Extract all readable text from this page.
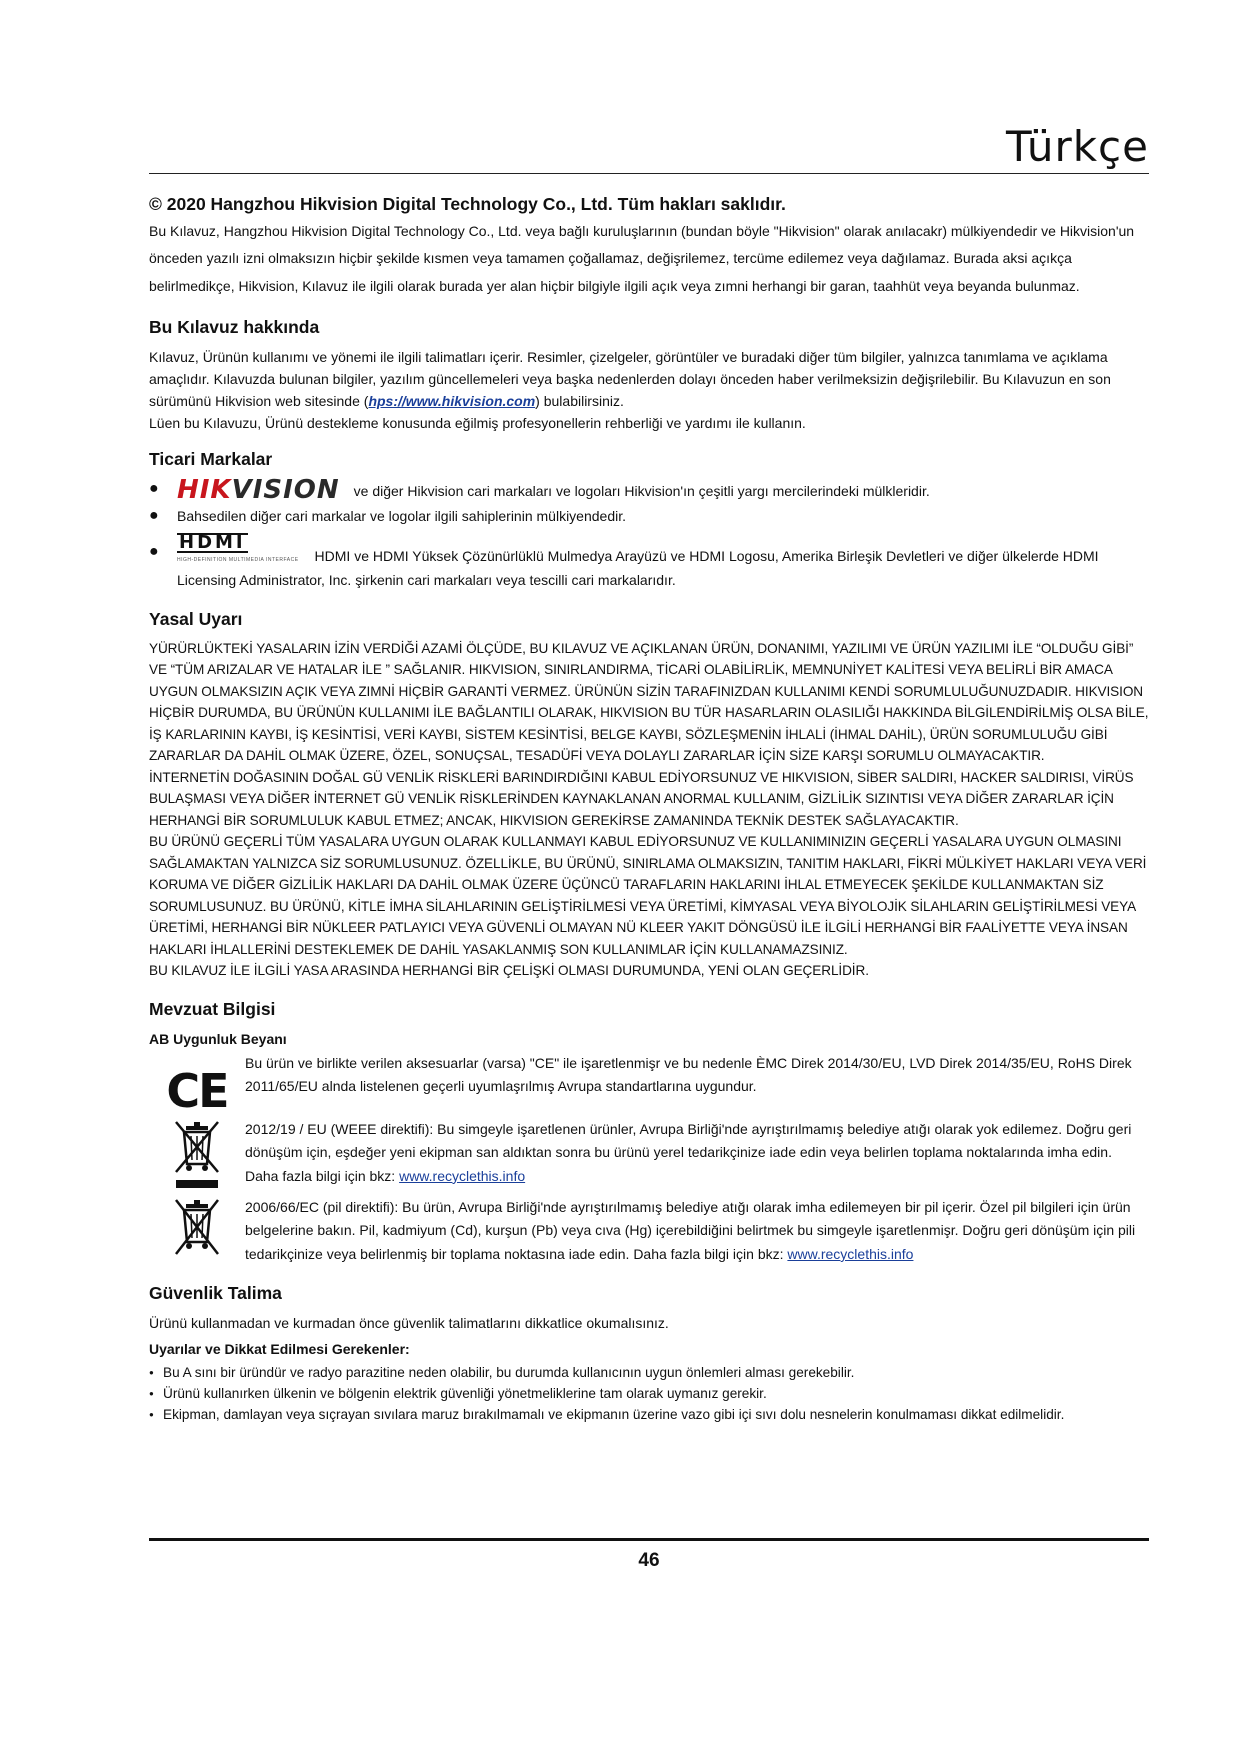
Türkçe

© 2020 Hangzhou Hikvision Digital Technology Co., Ltd. Tüm hakları saklıdır.

Bu Kılavuz, Hangzhou Hikvision Digital Technology Co., Ltd. veya bağlı kuruluşlarının (bundan böyle "Hikvision" olarak anılacakr) mülkiyendedir ve Hikvision'un önceden yazılı izni olmaksızın hiçbir şekilde kısmen veya tamamen çoğallamaz, değişrilemez, tercüme edilemez veya dağılamaz. Burada aksi açıkça belirlmedikçe, Hikvision, Kılavuz ile ilgili olarak burada yer alan hiçbir bilgiyle ilgili açık veya zımni herhangi bir garan, taahhüt veya beyanda bulunmaz.

Bu Kılavuz hakkında

Kılavuz, Ürünün kullanımı ve yönemi ile ilgili talimatları içerir. Resimler, çizelgeler, görüntüler ve buradaki diğer tüm bilgiler, yalnızca tanımlama ve açıklama amaçlıdır. Kılavuzda bulunan bilgiler, yazılım güncellemeleri veya başka nedenlerden dolayı önceden haber verilmeksizin değişrilebilir. Bu Kılavuzun en son sürümünü Hikvision web sitesinde (hps://www.hikvision.com) bulabilirsiniz.

Lüen bu Kılavuzu, Ürünü destekleme konusunda eğilmiş profesyonellerin rehberliği ve yardımı ile kullanın.

Ticari Markalar
● HIKVISION ve diğer Hikvision cari markaları ve logoları Hikvision'ın çeşitli yargı mercilerindeki mülkleridir.
●	Bahsedilen diğer cari markalar ve logolar ilgili sahiplerinin mülkiyendedir.
●	HDMI
HIGH-DEFINITION MULTIMEDIA INTERFACE HDMI ve HDMI Yüksek Çözünürlüklü Mulmedya Arayüzü ve HDMI Logosu, Amerika Birleşik Devletleri ve diğer ülkelerde HDMI Licensing Administrator, Inc. şirkenin cari markaları veya tescilli cari markalarıdır.
Yasal Uyarı

YÜRÜRLÜKTEKİ YASALARIN İZİN VERDİĞİ AZAMİ ÖLÇÜDE, BU KILAVUZ VE AÇIKLANAN ÜRÜN, DONANIMI, YAZILIMI VE ÜRÜN YAZILIMI İLE “OLDUĞU GİBİ” VE “TÜM ARIZALAR VE HATALAR İLE ” SAĞLANIR. HIKVISION, SINIRLANDIRMA, TİCARİ OLABİLİRLİK, MEMNUNİYET KALİTESİ VEYA BELİRLİ BİR AMACA UYGUN OLMAKSIZIN AÇIK VEYA ZIMNİ HİÇBİR GARANTİ VERMEZ. ÜRÜNÜN SİZİN TARAFINIZDAN KULLANIMI KENDİ SORUMLULUĞUNUZDADIR. HIKVISION HİÇBİR DURUMDA, BU ÜRÜNÜN KULLANIMI İLE BAĞLANTILI OLARAK, HIKVISION BU TÜR HASARLARIN OLASILIĞI HAKKINDA BİLGİLENDİRİLMİŞ OLSA BİLE, İŞ KARLARININ KAYBI, İŞ KESİNTİSİ, VERİ KAYBI, SİSTEM KESİNTİSİ, BELGE KAYBI, SÖZLEŞMENİN İHLALİ (İHMAL DAHİL), ÜRÜN SORUMLULUĞU GİBİ ZARARLAR DA DAHİL OLMAK ÜZERE, ÖZEL, SONUÇSAL, TESADÜFİ VEYA DOLAYLI ZARARLAR İÇİN SİZE KARŞI SORUMLU OLMAYACAKTIR.

İNTERNETİN DOĞASININ DOĞAL GÜ VENLİK RİSKLERİ BARINDIRDIĞINI KABUL EDİYORSUNUZ VE HIKVISION, SİBER SALDIRI, HACKER SALDIRISI, VİRÜS BULAŞMASI VEYA DİĞER İNTERNET GÜ VENLİK RİSKLERİNDEN KAYNAKLANAN ANORMAL KULLANIM, GİZLİLİK SIZINTISI VEYA DİĞER ZARARLAR İÇİN HERHANGİ BİR SORUMLULUK KABUL ETMEZ; ANCAK, HIKVISION GEREKİRSE ZAMANINDA TEKNİK DESTEK SAĞLAYACAKTIR.

BU ÜRÜNÜ GEÇERLİ TÜM YASALARA UYGUN OLARAK KULLANMAYI KABUL EDİYORSUNUZ VE KULLANIMINIZIN GEÇERLİ YASALARA UYGUN OLMASINI SAĞLAMAKTAN YALNIZCA SİZ SORUMLUSUNUZ. ÖZELLİKLE, BU ÜRÜNÜ, SINIRLAMA OLMAKSIZIN, TANITIM HAKLARI, FİKRİ MÜLKİYET HAKLARI VEYA VERİ KORUMA VE DİĞER GİZLİLİK HAKLARI DA DAHİL OLMAK ÜZERE ÜÇÜNCÜ TARAFLARIN HAKLARINI İHLAL ETMEYECEK ŞEKİLDE KULLANMAKTAN SİZ SORUMLUSUNUZ. BU ÜRÜNÜ, KİTLE İMHA SİLAHLARININ GELİŞTİRİLMESİ VEYA ÜRETİMİ, KİMYASAL VEYA BİYOLOJİK SİLAHLARIN GELİŞTİRİLMESİ VEYA ÜRETİMİ, HERHANGİ BİR NÜKLEER PATLAYICI VEYA GÜVENLİ OLMAYAN NÜ KLEER YAKIT DÖNGÜSÜ İLE İLGİLİ HERHANGİ BİR FAALİYETTE VEYA İNSAN HAKLARI İHLALLERİNİ DESTEKLEMEK DE DAHİL YASAKLANMIŞ SON KULLANIMLAR İÇİN KULLANAMAZSINIZ.

BU KILAVUZ İLE İLGİLİ YASA ARASINDA HERHANGİ BİR ÇELİŞKİ OLMASI DURUMUNDA, YENİ OLAN GEÇERLİDİR.

Mevzuat Bilgisi
AB Uygunluk Beyanı
CE
Bu ürün ve birlikte verilen aksesuarlar (varsa) "CE" ile işaretlenmişr ve bu nedenle ÈMC Direk 2014/30/EU, LVD Direk 2014/35/EU, RoHS Direk 2011/65/EU alnda listelenen geçerli uyumlaşrılmış Avrupa standartlarına uygundur.
2012/19 / EU (WEEE direktifi): Bu simgeyle işaretlenen ürünler, Avrupa Birliği'nde ayrıştırılmamış belediye atığı olarak yok edilemez. Doğru geri dönüşüm için, eşdeğer yeni ekipman san aldıktan sonra bu ürünü yerel tedarikçinize iade edin veya belirlen toplama noktalarında imha edin. Daha fazla bilgi için bkz: www.recyclethis.info
2006/66/EC (pil direktifi): Bu ürün, Avrupa Birliği'nde ayrıştırılmamış belediye atığı olarak imha edilemeyen bir pil içerir. Özel pil bilgileri için ürün belgelerine bakın. Pil, kadmiyum (Cd), kurşun (Pb) veya cıva (Hg) içerebildiğini belirtmek bu simgeyle işaretlenmişr. Doğru geri dönüşüm için pili tedarikçinize veya belirlenmiş bir toplama noktasına iade edin. Daha fazla bilgi için bkz: www.recyclethis.info
Güvenlik Talima

Ürünü kullanmadan ve kurmadan önce güvenlik talimatlarını dikkatlice okumalısınız.

Uyarılar ve Dikkat Edilmesi Gerekenler:
● Bu A sını bir üründür ve radyo parazitine neden olabilir, bu durumda kullanıcının uygun önlemleri alması gerekebilir.
● Ürünü kullanırken ülkenin ve bölgenin elektrik güvenliği yönetmeliklerine tam olarak uymanız gerekir.
● Ekipman, damlayan veya sıçrayan sıvılara maruz bırakılmamalı ve ekipmanın üzerine vazo gibi içi sıvı dolu nesnelerin konulmaması dikkat edilmelidir.
46
